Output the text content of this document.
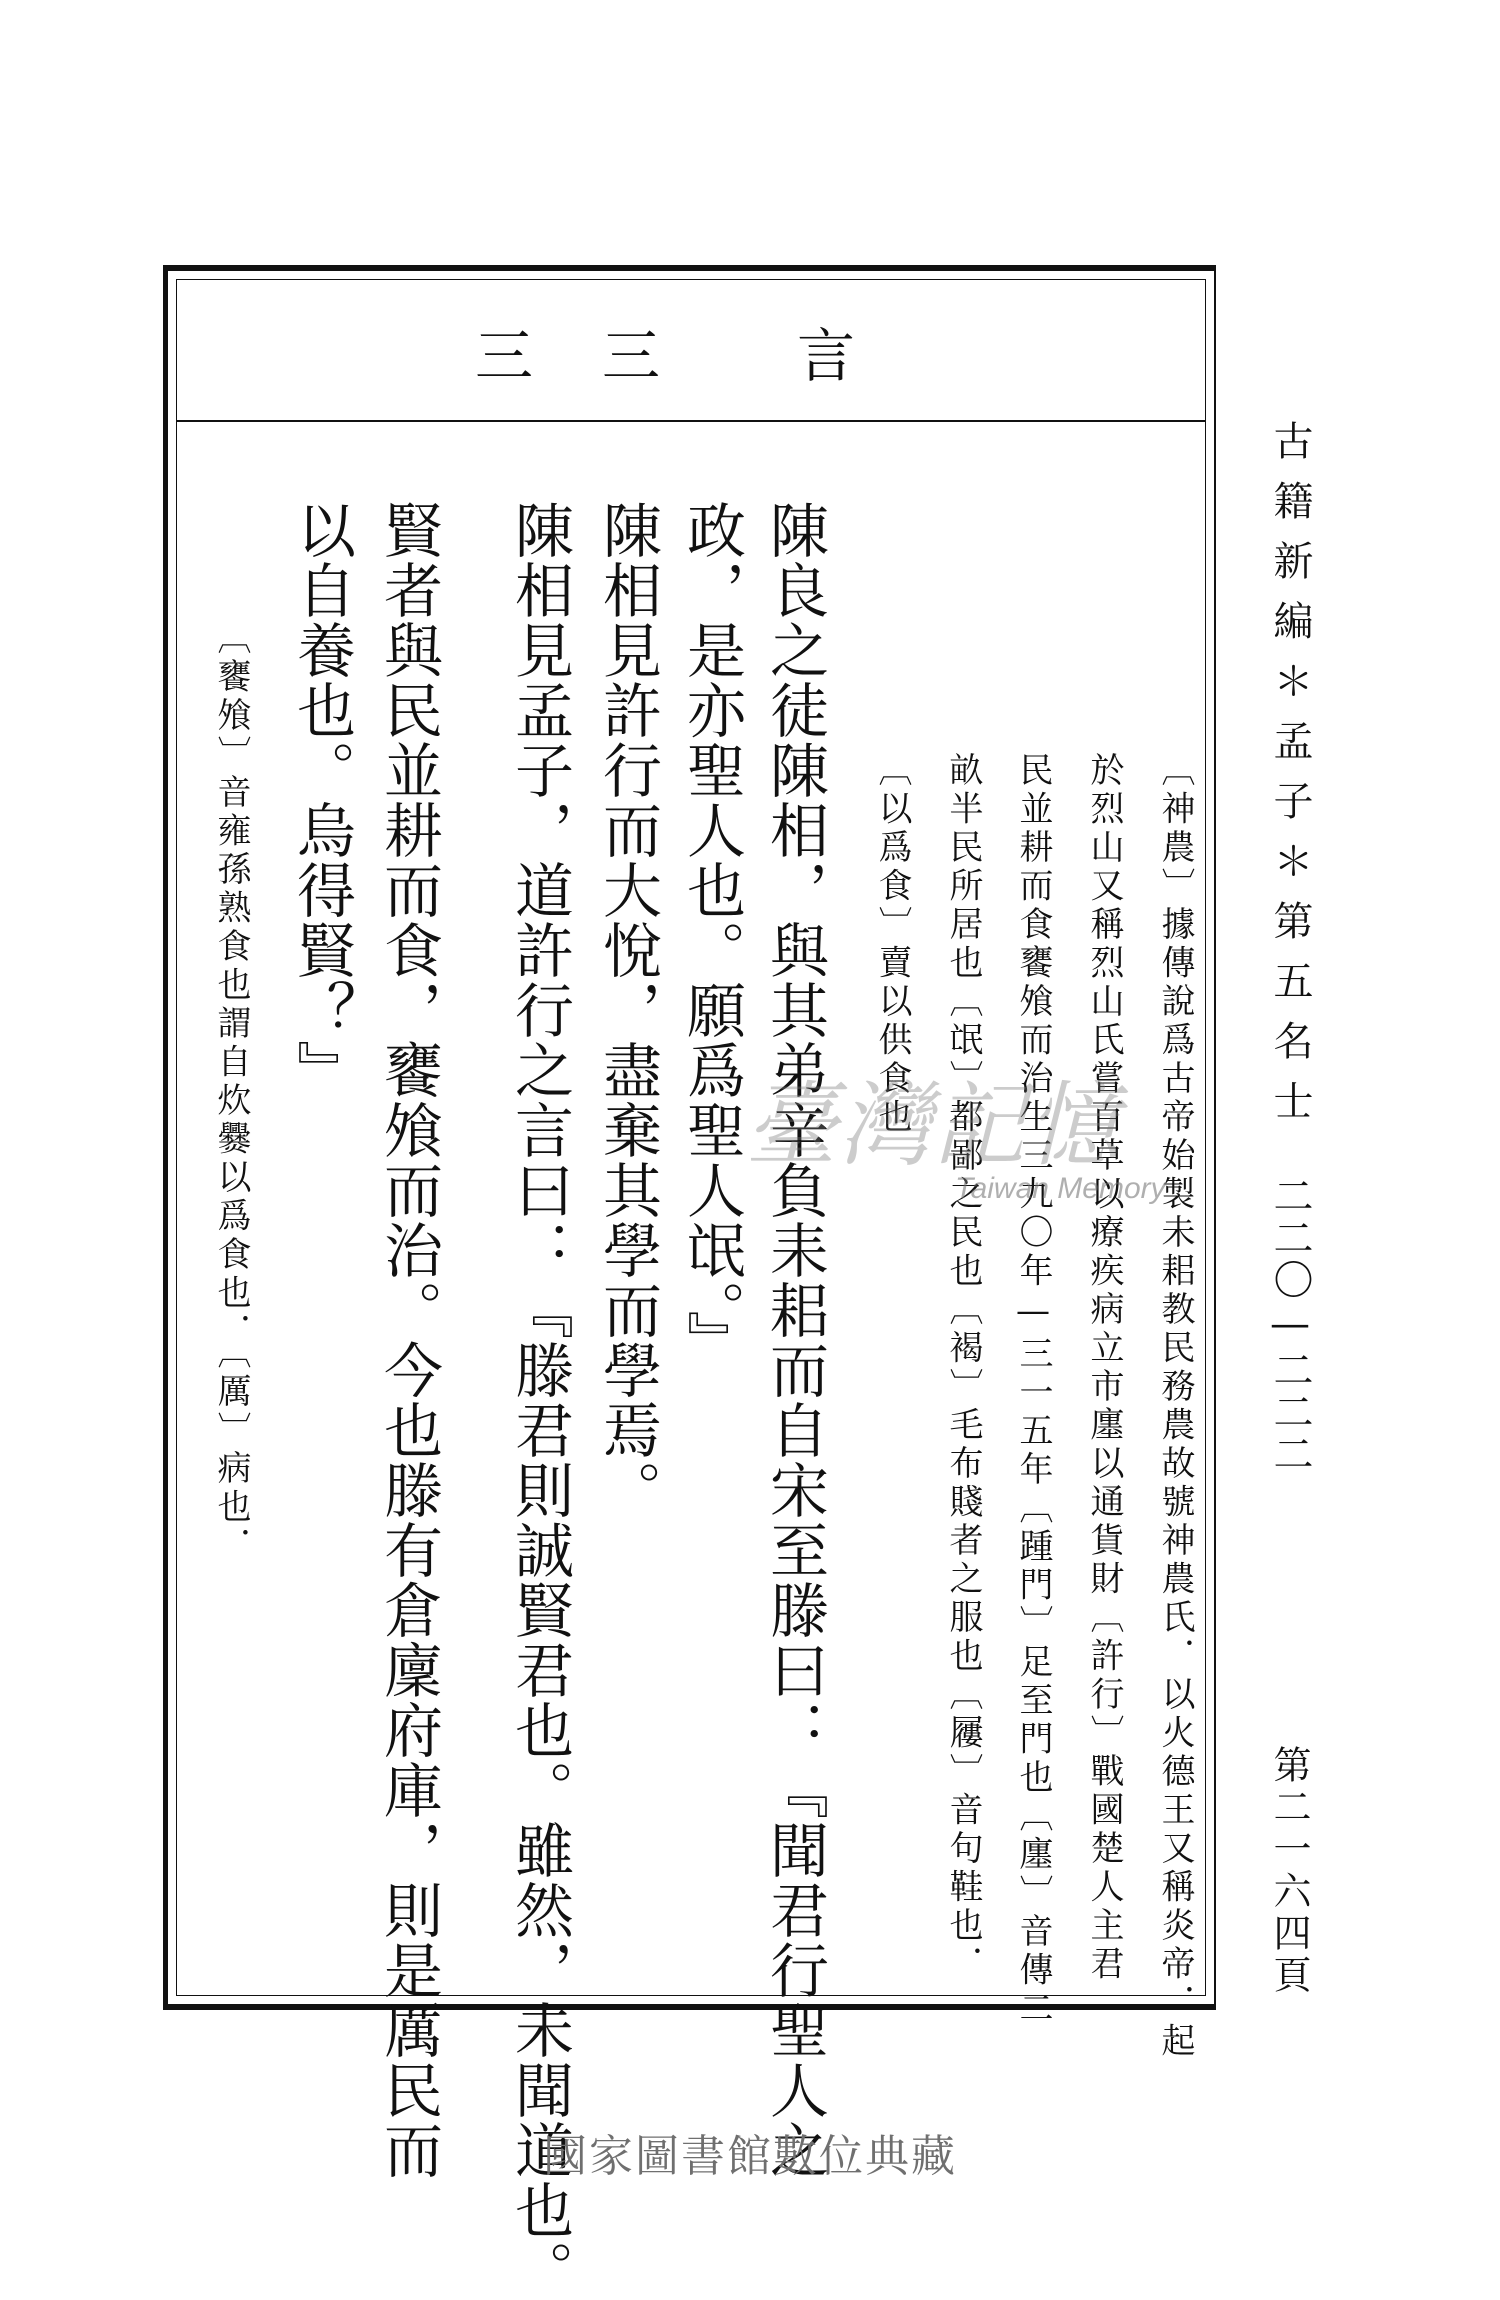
古籍新編＊孟子＊第五名士
二二〇—二二二
第二一六四頁
言
三
三
〔神農〕據傳說爲古帝始製未耜教民務農故號神農氏．以火德王又稱炎帝．起
於烈山又稱烈山氏嘗百草以療疾病立市廛以通貨財〔許行〕戰國楚人主君
民並耕而食饔飧而治生三九〇年—三一五年〔踵門〕足至門也〔廛〕音傳二
畝半民所居也〔氓〕都鄙之民也〔褐〕毛布賤者之服也〔屨〕音句鞋也．
〔以爲食〕賣以供食也
陳良之徒陳相，與其弟辛負耒耜而自宋至滕曰：『聞君行聖人之
政，是亦聖人也。願爲聖人氓。』
陳相見許行而大悅，盡棄其學而學焉。
陳相見孟子，道許行之言曰：『滕君則誠賢君也。雖然，未聞道也。
賢者與民並耕而食，饔飧而治。今也滕有倉廩府庫，則是厲民而
以自養也。烏得賢？』
〔饔飧〕音雍孫熟食也謂自炊爨以爲食也．〔厲〕病也．	臺灣記憶
Taiwan Memory
國家圖書館數位典藏
